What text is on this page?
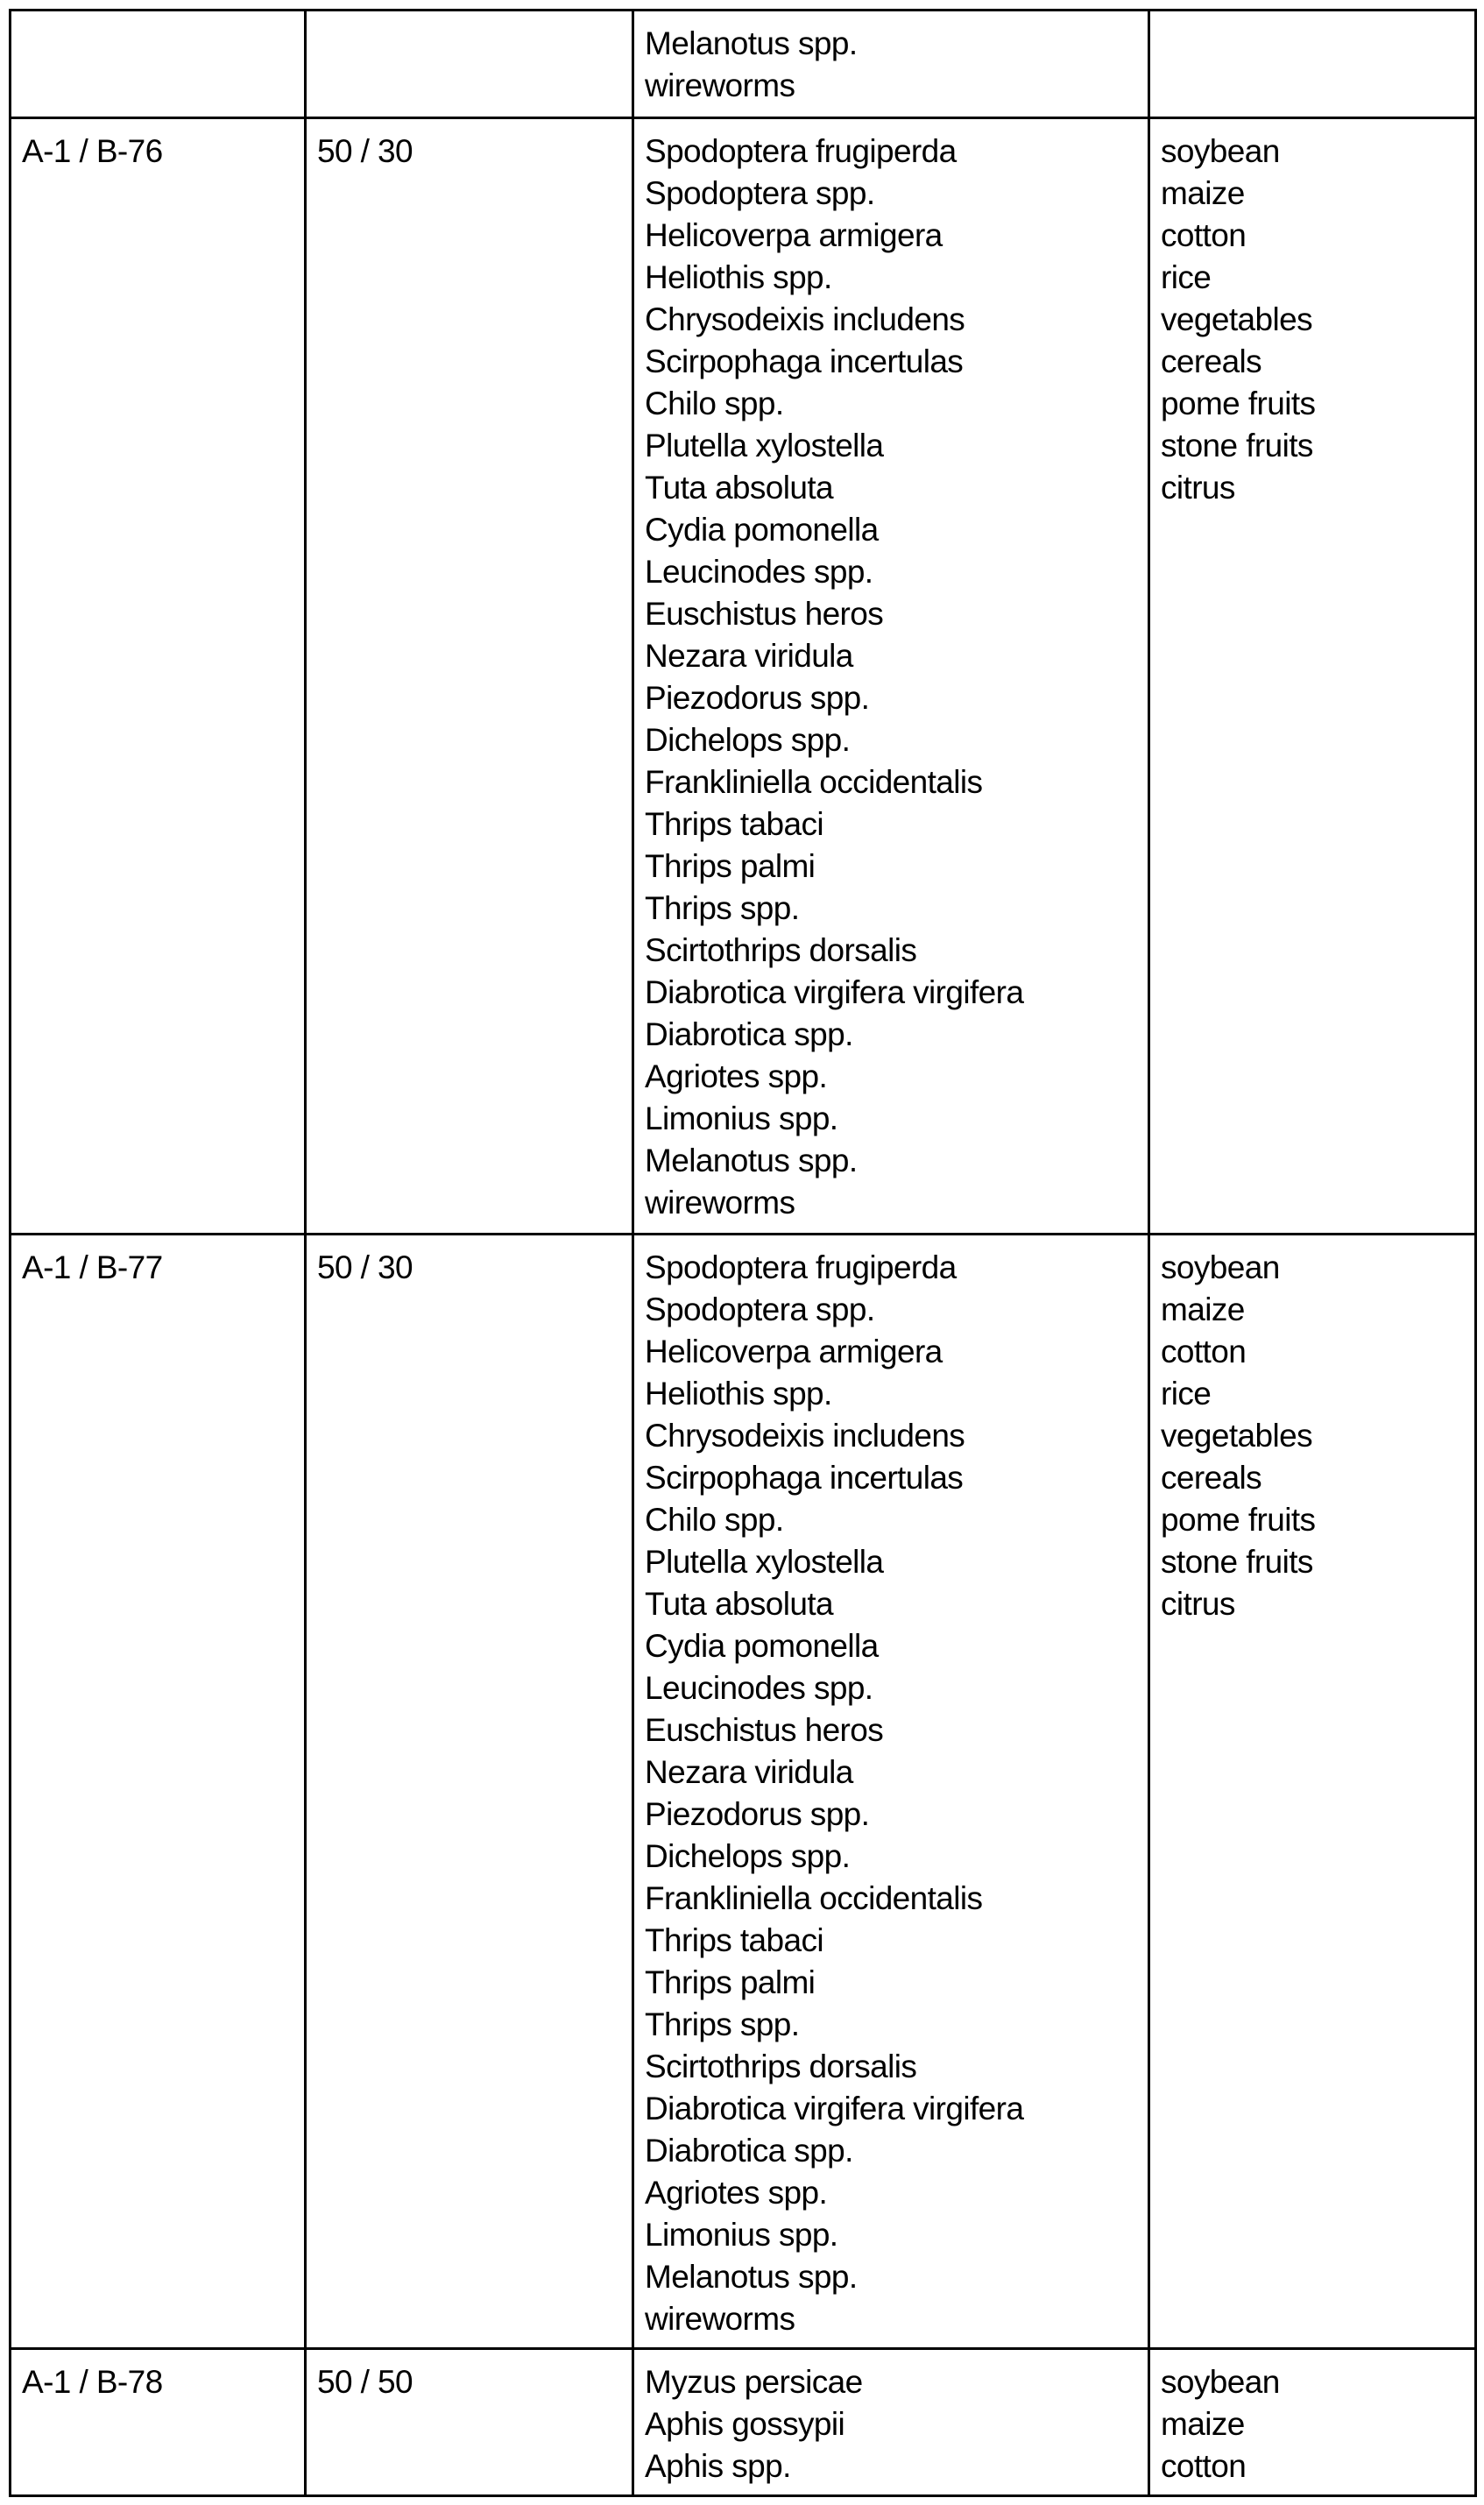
Melanotus spp.
wireworms

A-1 / B-76	50 / 30	Spodoptera frugiperda
Spodoptera spp.
Helicoverpa armigera
Heliothis spp.
Chrysodeixis includens
Scirpophaga incertulas
Chilo spp.
Plutella xylostella
Tuta absoluta
Cydia pomonella
Leucinodes spp.
Euschistus heros
Nezara viridula
Piezodorus spp.
Dichelops spp.
Frankliniella occidentalis
Thrips tabaci
Thrips palmi
Thrips spp.
Scirtothrips dorsalis
Diabrotica virgifera virgifera
Diabrotica spp.
Agriotes spp.
Limonius spp.
Melanotus spp.
wireworms

soybean
maize
cotton
rice
vegetables
cereals
pome fruits
stone fruits
citrus

A-1 / B-77	50 / 30	Spodoptera frugiperda
Spodoptera spp.
Helicoverpa armigera
Heliothis spp.
Chrysodeixis includens
Scirpophaga incertulas
Chilo spp.
Plutella xylostella
Tuta absoluta
Cydia pomonella
Leucinodes spp.
Euschistus heros
Nezara viridula
Piezodorus spp.
Dichelops spp.
Frankliniella occidentalis
Thrips tabaci
Thrips palmi
Thrips spp.
Scirtothrips dorsalis
Diabrotica virgifera virgifera
Diabrotica spp.
Agriotes spp.
Limonius spp.
Melanotus spp.
wireworms

soybean
maize
cotton
rice
vegetables
cereals
pome fruits
stone fruits
citrus

A-1 / B-78	50 / 50	Myzus persicae
Aphis gossypii
Aphis spp.

soybean
maize
cotton
